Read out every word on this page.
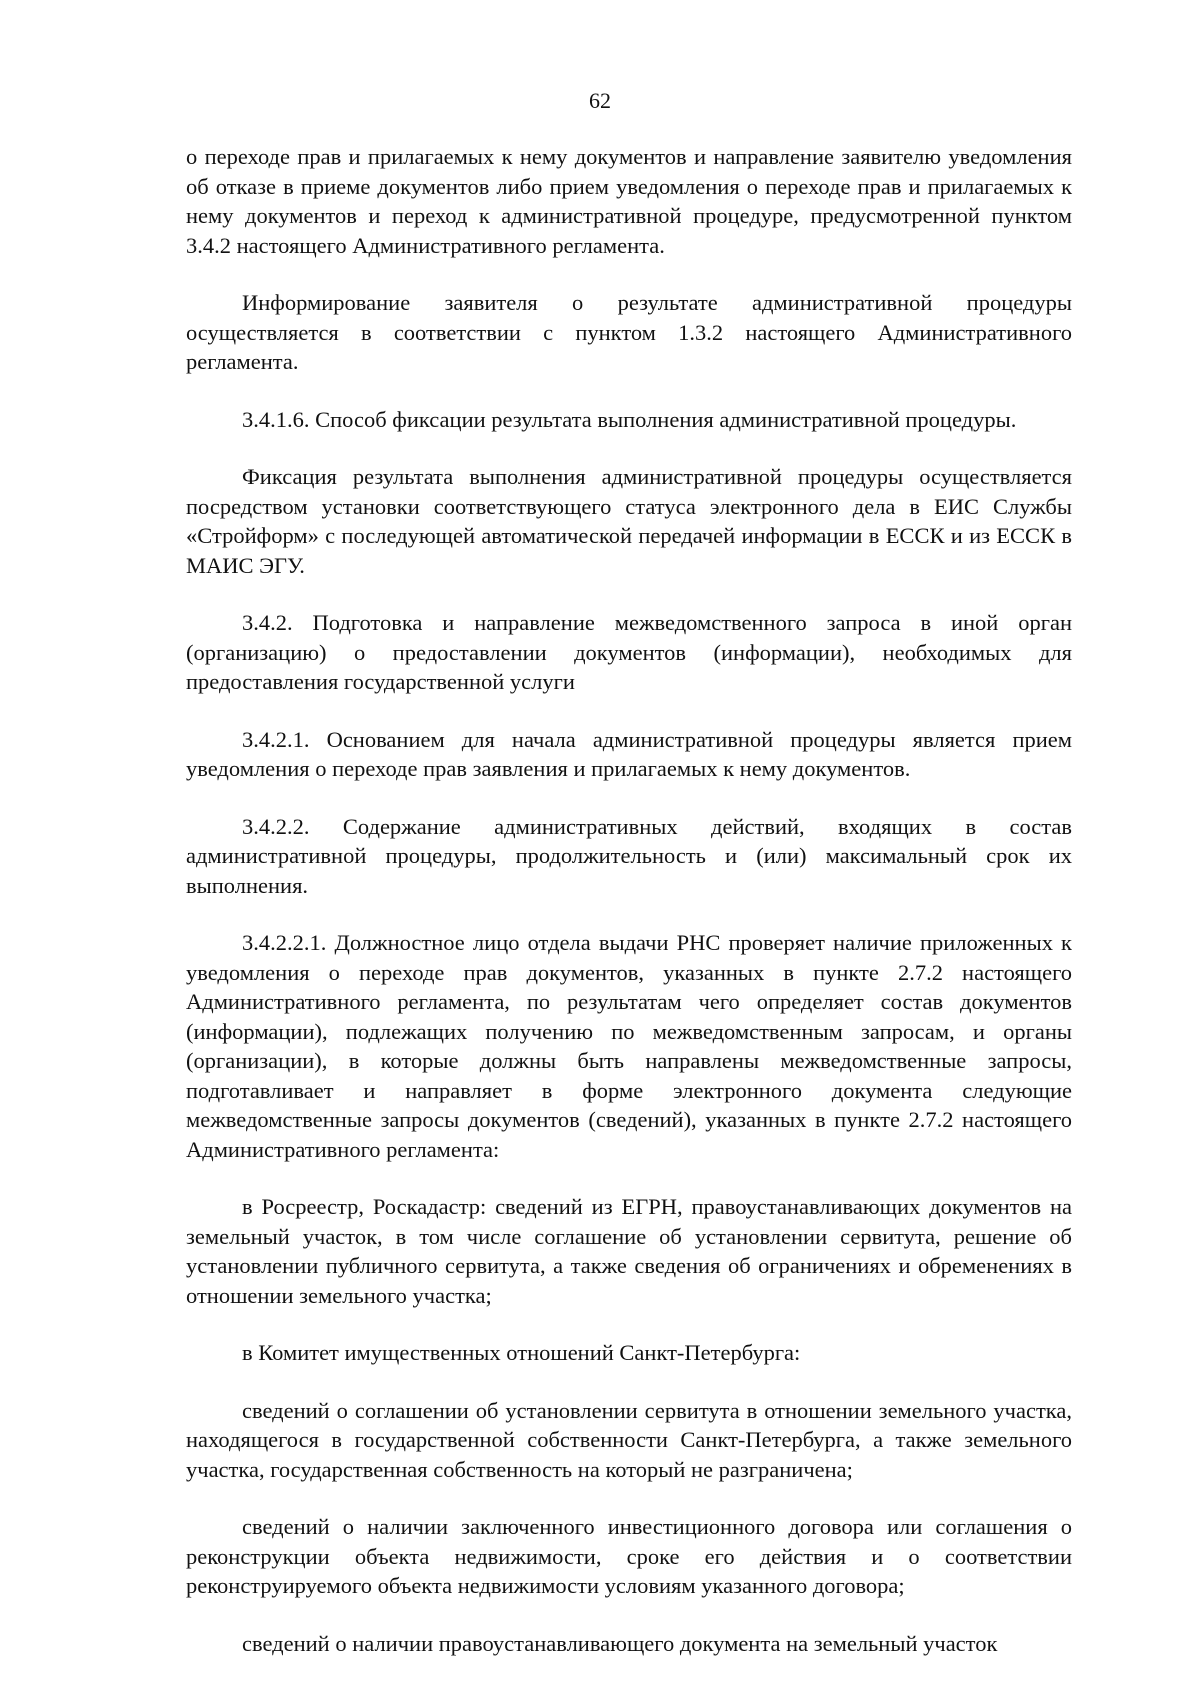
62

о переходе прав и прилагаемых к нему документов и направление заявителю уведомления об отказе в приеме документов либо прием уведомления о переходе прав и прилагаемых к нему документов и переход к административной процедуре, предусмотренной пунктом 3.4.2 настоящего Административного регламента.

Информирование заявителя о результате административной процедуры осуществляется в соответствии с пунктом 1.3.2 настоящего Административного регламента.

3.4.1.6. Способ фиксации результата выполнения административной процедуры.

Фиксация результата выполнения административной процедуры осуществляется посредством установки соответствующего статуса электронного дела в ЕИС Службы «Стройформ» с последующей автоматической передачей информации в ЕССК и из ЕССК в МАИС ЭГУ.

3.4.2. Подготовка и направление межведомственного запроса в иной орган (организацию) о предоставлении документов (информации), необходимых для предоставления государственной услуги

3.4.2.1. Основанием для начала административной процедуры является прием уведомления о переходе прав заявления и прилагаемых к нему документов.

3.4.2.2. Содержание административных действий, входящих в состав административной процедуры, продолжительность и (или) максимальный срок их выполнения.

3.4.2.2.1. Должностное лицо отдела выдачи РНС проверяет наличие приложенных к уведомления о переходе прав документов, указанных в пункте 2.7.2 настоящего Административного регламента, по результатам чего определяет состав документов (информации), подлежащих получению по межведомственным запросам, и органы (организации), в которые должны быть направлены межведомственные запросы, подготавливает и направляет в форме электронного документа следующие межведомственные запросы документов (сведений), указанных в пункте 2.7.2 настоящего Административного регламента:

в Росреестр, Роскадастр: сведений из ЕГРН, правоустанавливающих документов на земельный участок, в том числе соглашение об установлении сервитута, решение об установлении публичного сервитута, а также сведения об ограничениях и обременениях в отношении земельного участка;

в Комитет имущественных отношений Санкт-Петербурга:

сведений о соглашении об установлении сервитута в отношении земельного участка, находящегося в государственной собственности Санкт-Петербурга, а также земельного участка, государственная собственность на который не разграничена;

сведений о наличии заключенного инвестиционного договора или соглашения о реконструкции объекта недвижимости, сроке его действия и о соответствии реконструируемого объекта недвижимости условиям указанного договора;

сведений о наличии правоустанавливающего документа на земельный участок
